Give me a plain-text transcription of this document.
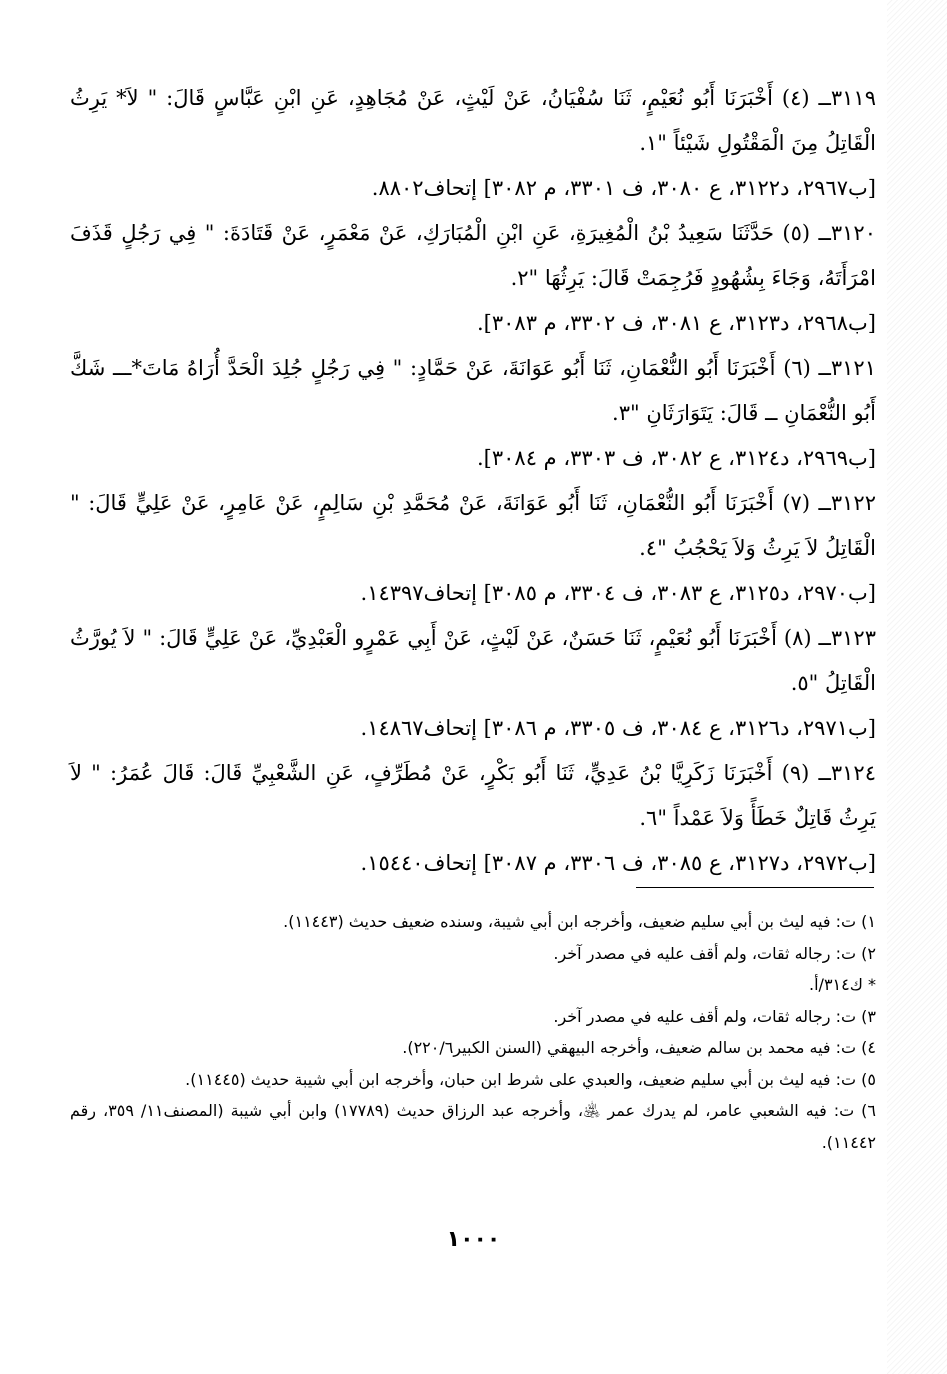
٣١١٩ــ (٤) أَخْبَرَنَا أَبُو نُعَيْمٍ، ثَنَا سُفْيَانُ، عَنْ لَيْثٍ، عَنْ مُجَاهِدٍ، عَنِ ابْنِ عَبَّاسٍ قَالَ: " لاَ* يَرِثُ الْقَاتِلُ مِنَ الْمَقْتُولِ شَيْئاً "١.

[ب٢٩٦٧، د٣١٢٢، ع ٣٠٨٠، ف ٣٣٠١، م ٣٠٨٢] إتحاف٨٨٠٢.

٣١٢٠ــ (٥) حَدَّثَنَا سَعِيدُ بْنُ الْمُغِيرَةِ، عَنِ ابْنِ الْمُبَارَكِ، عَنْ مَعْمَرٍ، عَنْ قَتَادَةَ: " فِي رَجُلٍ قَذَفَ امْرَأَتَهُ، وَجَاءَ بِشُهُودٍ فَرُجِمَتْ قَالَ: يَرِثُهَا "٢.

[ب٢٩٦٨، د٣١٢٣، ع ٣٠٨١، ف ٣٣٠٢، م ٣٠٨٣].

٣١٢١ــ (٦) أَخْبَرَنَا أَبُو النُّعْمَانِ، ثَنَا أَبُو عَوَانَةَ، عَنْ حَمَّادٍ: " فِي رَجُلٍ جُلِدَ الْحَدَّ أُرَاهُ مَاتَ*ـــ شَكَّ أَبُو النُّعْمَانِ ــ قَالَ: يَتَوَارَثَانِ "٣.

[ب٢٩٦٩، د٣١٢٤، ع ٣٠٨٢، ف ٣٣٠٣، م ٣٠٨٤].

٣١٢٢ــ (٧) أَخْبَرَنَا أَبُو النُّعْمَانِ، ثَنَا أَبُو عَوَانَةَ، عَنْ مُحَمَّدِ بْنِ سَالِمٍ، عَنْ عَامِرٍ، عَنْ عَلِيٍّ قَالَ: " الْقَاتِلُ لاَ يَرِثُ وَلاَ يَحْجُبُ "٤.

[ب٢٩٧٠، د٣١٢٥، ع ٣٠٨٣، ف ٣٣٠٤، م ٣٠٨٥] إتحاف١٤٣٩٧.

٣١٢٣ــ (٨) أَخْبَرَنَا أَبُو نُعَيْمٍ، ثَنَا حَسَنٌ، عَنْ لَيْثٍ، عَنْ أَبِي عَمْرٍو الْعَبْدِيِّ، عَنْ عَلِيٍّ قَالَ: " لاَ يُورَّثُ الْقَاتِلُ "٥.

[ب٢٩٧١، د٣١٢٦، ع ٣٠٨٤، ف ٣٣٠٥، م ٣٠٨٦] إتحاف١٤٨٦٧.

٣١٢٤ــ (٩) أَخْبَرَنَا زَكَرِيَّا بْنُ عَدِيٍّ، ثَنَا أَبُو بَكْرٍ، عَنْ مُطَرِّفٍ، عَنِ الشَّعْبِيِّ قَالَ: قَالَ عُمَرُ: " لاَ يَرِثُ قَاتِلٌ خَطَأً وَلاَ عَمْداً "٦.

[ب٢٩٧٢، د٣١٢٧، ع ٣٠٨٥، ف ٣٣٠٦، م ٣٠٨٧] إتحاف١٥٤٤٠.

١) ت: فيه ليث بن أبي سليم ضعيف، وأخرجه ابن أبي شيبة، وسنده ضعيف حديث (١١٤٤٣).

٢) ت: رجاله ثقات، ولم أقف عليه في مصدر آخر.

* ك٣١٤/أ.

٣) ت: رجاله ثقات، ولم أقف عليه في مصدر آخر.

٤) ت: فيه محمد بن سالم ضعيف، وأخرجه البيهقي (السنن الكبير٢٢٠/٦).

٥) ت: فيه ليث بن أبي سليم ضعيف، والعبدي على شرط ابن حبان، وأخرجه ابن أبي شيبة حديث (١١٤٤٥).

٦) ت: فيه الشعبي عامر، لم يدرك عمر ﵁، وأخرجه عبد الرزاق حديث (١٧٧٨٩) وابن أبي شيبة (المصنف١١/ ٣٥٩، رقم ١١٤٤٢).

١٠٠٠
